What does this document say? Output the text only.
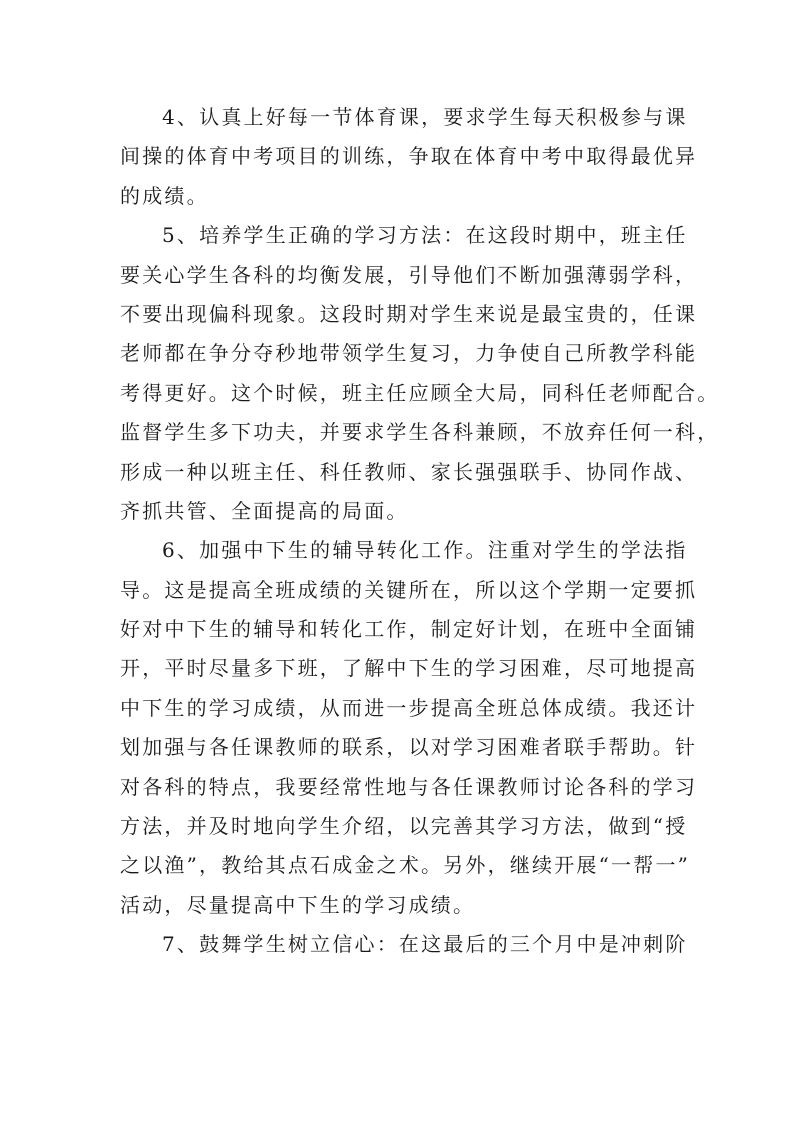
4、认真上好每一节体育课，要求学生每天积极参与课
间操的体育中考项目的训练，争取在体育中考中取得最优异
的成绩。
5、培养学生正确的学习方法：在这段时期中，班主任
要关心学生各科的均衡发展，引导他们不断加强薄弱学科，
不要出现偏科现象。这段时期对学生来说是最宝贵的，任课
老师都在争分夺秒地带领学生复习，力争使自己所教学科能
考得更好。这个时候，班主任应顾全大局，同科任老师配合。
监督学生多下功夫，并要求学生各科兼顾，不放弃任何一科，
形成一种以班主任、科任教师、家长强强联手、协同作战、
齐抓共管、全面提高的局面。
6、加强中下生的辅导转化工作。注重对学生的学法指
导。这是提高全班成绩的关键所在，所以这个学期一定要抓
好对中下生的辅导和转化工作，制定好计划，在班中全面铺
开，平时尽量多下班，了解中下生的学习困难，尽可地提高
中下生的学习成绩，从而进一步提高全班总体成绩。我还计
划加强与各任课教师的联系，以对学习困难者联手帮助。针
对各科的特点，我要经常性地与各任课教师讨论各科的学习
方法，并及时地向学生介绍，以完善其学习方法，做到“授
之以渔”，教给其点石成金之术。另外，继续开展“一帮一”
活动，尽量提高中下生的学习成绩。
7、鼓舞学生树立信心：在这最后的三个月中是冲刺阶
